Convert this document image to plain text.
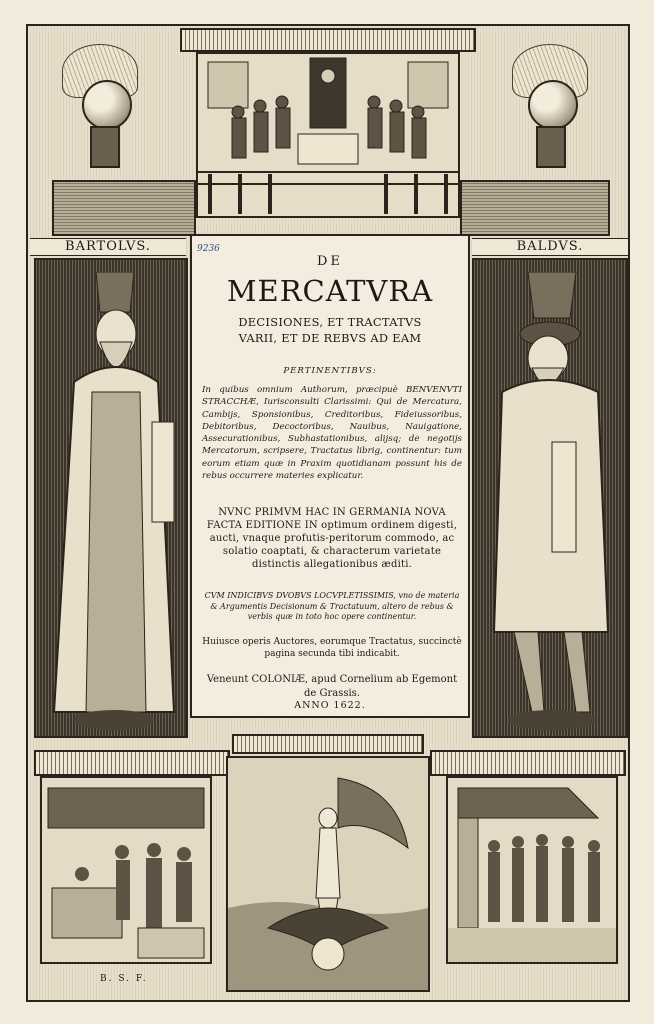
BARTOLVS.	BALDVS.
DE
MERCATVRA
DECISIONES, ET TRACTATVS
VARII, ET DE REBVS AD EAM
PERTINENTIBVS:
In quibus omnium Authorum, præcipuè BENVENVTI STRACCHÆ, Iurisconsulti Clarissimi: Qui de Mercatura, Cambijs, Sponsionibus, Creditoribus, Fideiussoribus, Debitoribus, Decoctoribus, Nauibus, Nauigatione, Assecurationibus, Subhastationibus, alijsq; de negotijs Mercatorum, scripsere, Tractatus librig, continentur: tum eorum etiam quæ in Praxim quotidianam possunt his de rebus occurrere materies explicatur.
NVNC PRIMVM HAC IN GERMANIA NOVA FACTA EDITIONE IN optimum ordinem digesti, aucti, vnaque profutis-peritorum commodo, ac solatio coaptati, & characterum varietate distinctis allegationibus æditi.
CVM INDICIBVS DVOBVS LOCVPLETISSIMIS, vno de materia & Argumentis Decisionum & Tractatuum, altero de rebus & verbis quæ in toto hoc opere continentur.
Huiusce operis Auctores, eorumque Tractatus, succinctè pagina secunda tibi indicabit.
Veneunt COLONIÆ, apud Cornelium ab Egemont de Grassis.
ANNO 1622.
9236
B. S. F.
